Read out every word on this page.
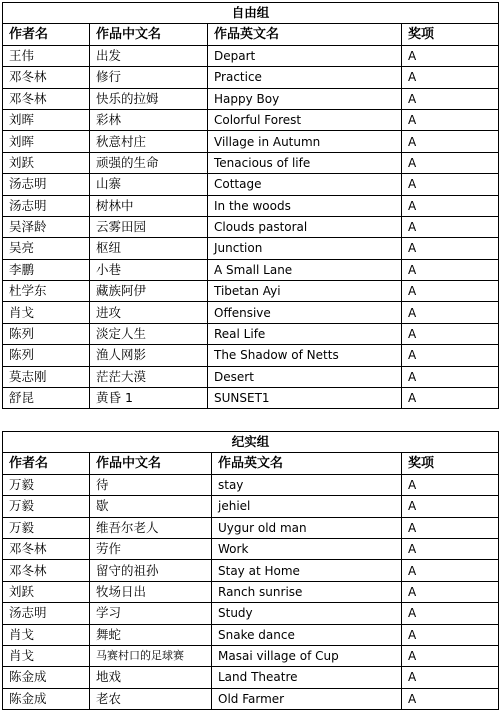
自由组			
作者名	作品中文名	作品英文名	奖项
王伟	出发	Depart	A
邓冬林	修行	Practice	A
邓冬林	快乐的拉姆	Happy Boy	A
刘晖	彩林	Colorful Forest	A
刘晖	秋意村庄	Village in Autumn	A
刘跃	顽强的生命	Tenacious of life	A
汤志明	山寨	Cottage	A
汤志明	树林中	In the woods	A
吴泽龄	云雾田园	Clouds pastoral	A
吴亮	枢纽	Junction	A
李鹏	小巷	A Small Lane	A
杜学东	藏族阿伊	Tibetan Ayi	A
肖戈	进攻	Offensive	A
陈列	淡定人生	Real Life	A
陈列	渔人网影	The Shadow of Netts	A
莫志刚	茫茫大漠	Desert	A
舒昆	黄昏 1	SUNSET1	A
纪实组			
作者名	作品中文名	作品英文名	奖项
万毅	待	stay	A
万毅	歇	jehiel	A
万毅	维吾尔老人	Uygur old man	A
邓冬林	劳作	Work	A
邓冬林	留守的祖孙	Stay at Home	A
刘跃	牧场日出	Ranch sunrise	A
汤志明	学习	Study	A
肖戈	舞蛇	Snake dance	A
肖戈	马赛村口的足球赛	Masai village of Cup	A
陈金成	地戏	Land Theatre	A
陈金成	老农	Old Farmer	A
